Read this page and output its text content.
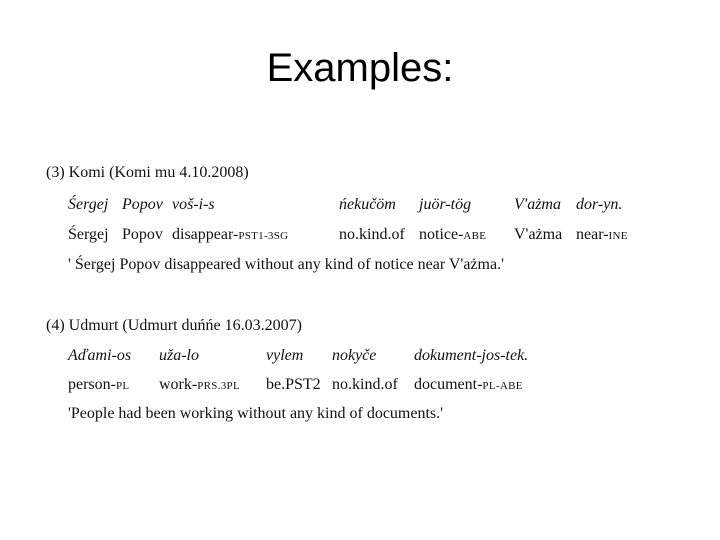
Examples:
(3) Komi (Komi mu 4.10.2008)
Śergej Popov voš-i-s	ńekučöm juör-tög	V'ażma dor-yn.
Śergej Popov disappear-PST1-3SG	no.kind.of notice-ABE V'ażma near-INE
' Śergej Popov disappeared without any kind of notice near V'ażma.'
(4) Udmurt (Udmurt duńńe 16.03.2007)
Aďami-os uža-lo	vylem nokyče dokument-jos-tek.
person-PL work-PRS.3PL be.PST2 no.kind.of document-PL-ABE
'People had been working without any kind of documents.'
